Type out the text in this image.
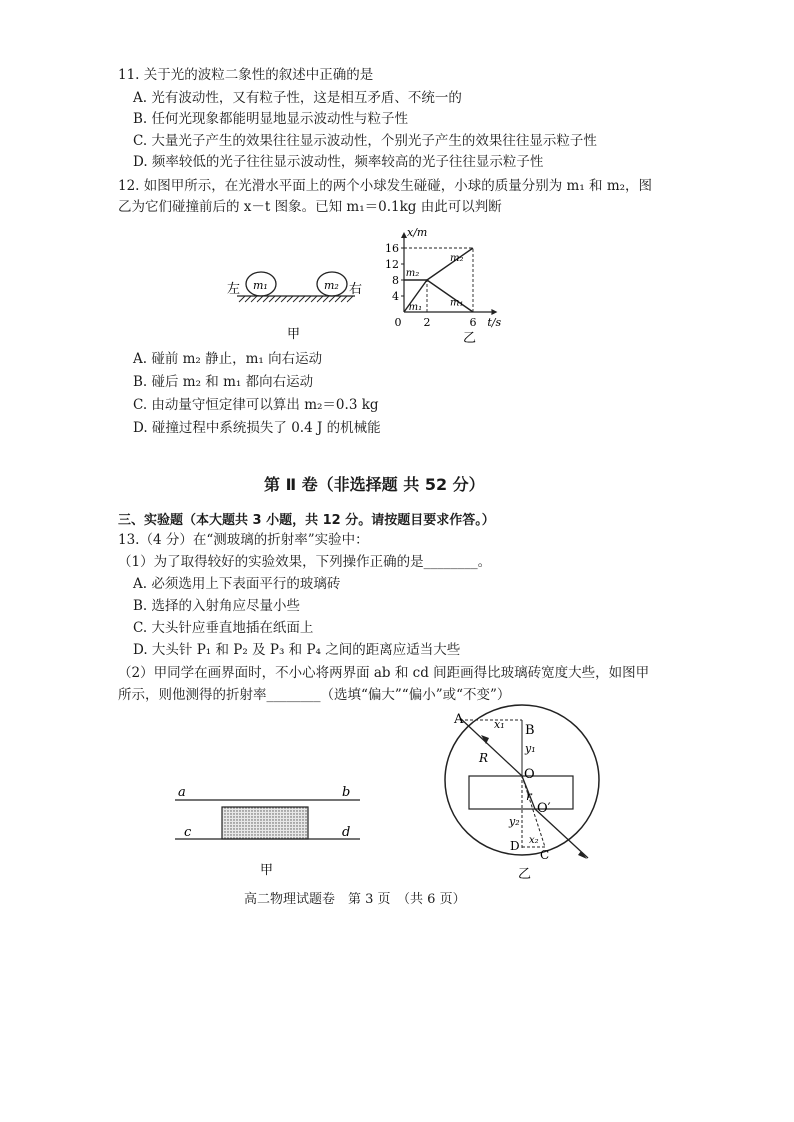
11. 关于光的波粒二象性的叙述中正确的是
A. 光有波动性，又有粒子性，这是相互矛盾、不统一的
B. 任何光现象都能明显地显示波动性与粒子性
C. 大量光子产生的效果往往显示波动性，个别光子产生的效果往往显示粒子性
D. 频率较低的光子往往显示波动性，频率较高的光子往往显示粒子性
12. 如图甲所示，在光滑水平面上的两个小球发生碰碰，小球的质量分别为 m₁ 和 m₂，图
乙为它们碰撞前后的 x－t 图象。已知 m₁＝0.1kg 由此可以判断
左 m₁	m₂ 右
甲
x/m
t/s
4
8
12
16
0 2	6
m₂
m₁
m₂
m₁
乙
A. 碰前 m₂ 静止，m₁ 向右运动
B. 碰后 m₂ 和 m₁ 都向右运动
C. 由动量守恒定律可以算出 m₂＝0.3 kg
D. 碰撞过程中系统损失了 0.4 J 的机械能
第 Ⅱ 卷（非选择题 共 52 分）
三、实验题（本大题共 3 小题，共 12 分。请按题目要求作答。）
13.（4 分）在“测玻璃的折射率”实验中：
（1）为了取得较好的实验效果，下列操作正确的是________。
A. 必须选用上下表面平行的玻璃砖
B. 选择的入射角应尽量小些
C. 大头针应垂直地插在纸面上
D. 大头针 P₁ 和 P₂ 及 P₃ 和 P₄ 之间的距离应适当大些
（2）甲同学在画界面时，不小心将两界面 ab 和 cd 间距画得比玻璃砖宽度大些，如图甲
所示，则他测得的折射率________（选填“偏大”“偏小”或“不变”）
a	b
c	d
甲
A
B
x₁
y₁
R
O
r
O′
y₂
x₂
D
C
乙
高二物理试题卷　第 3 页　（共 6 页）
